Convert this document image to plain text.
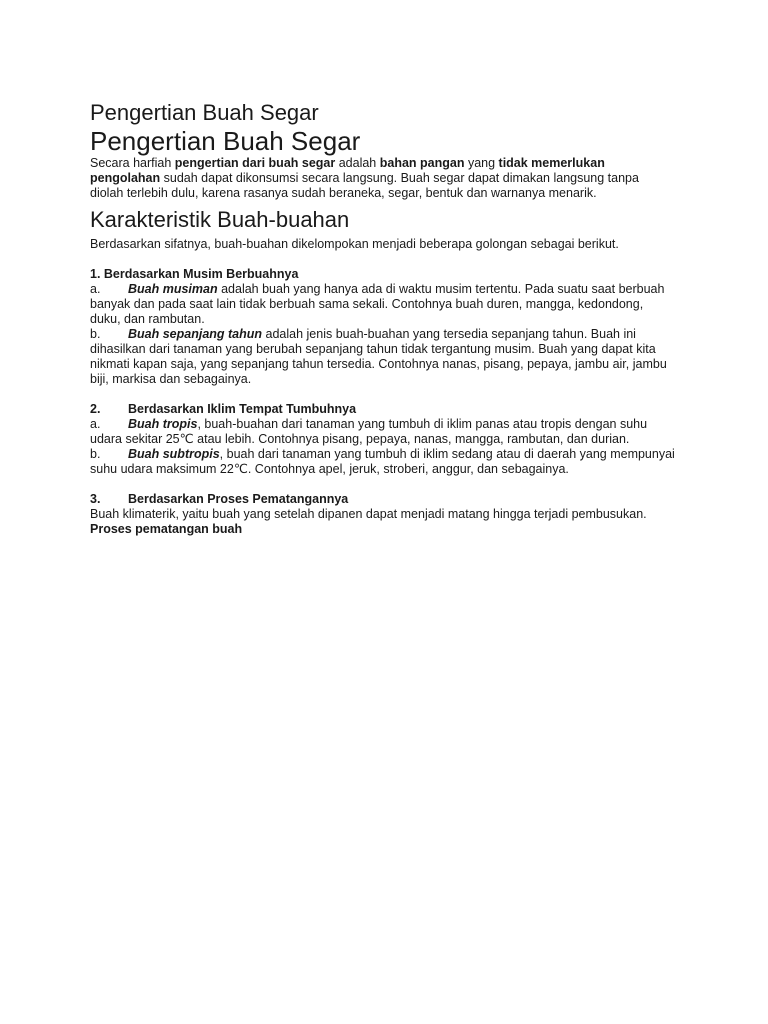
Pengertian Buah Segar
Pengertian Buah Segar

Secara harfiah pengertian dari buah segar adalah bahan pangan yang tidak memerlukan

pengolahan sudah dapat dikonsumsi secara langsung. Buah segar dapat dimakan langsung tanpa

diolah terlebih dulu, karena rasanya sudah beraneka, segar, bentuk dan warnanya menarik.

Karakteristik Buah-buahan

Berdasarkan sifatnya, buah-buahan dikelompokan menjadi beberapa golongan sebagai berikut.

1. Berdasarkan Musim Berbuahnya

a. Buah musiman adalah buah yang hanya ada di waktu musim tertentu. Pada suatu saat berbuah

banyak dan pada saat lain tidak berbuah sama sekali. Contohnya buah duren, mangga, kedondong,

duku, dan rambutan.

b. Buah sepanjang tahun adalah jenis buah-buahan yang tersedia sepanjang tahun. Buah ini

dihasilkan dari tanaman yang berubah sepanjang tahun tidak tergantung musim. Buah yang dapat kita

nikmati kapan saja, yang sepanjang tahun tersedia. Contohnya nanas, pisang, pepaya, jambu air, jambu

biji, markisa dan sebagainya.

2. Berdasarkan Iklim Tempat Tumbuhnya

a. Buah tropis, buah-buahan dari tanaman yang tumbuh di iklim panas atau tropis dengan suhu

udara sekitar 25℃ atau lebih. Contohnya pisang, pepaya, nanas, mangga, rambutan, dan durian.

b. Buah subtropis, buah dari tanaman yang tumbuh di iklim sedang atau di daerah yang mempunyai

suhu udara maksimum 22℃. Contohnya apel, jeruk, stroberi, anggur, dan sebagainya.

3. Berdasarkan Proses Pematangannya

Buah klimaterik, yaitu buah yang setelah dipanen dapat menjadi matang hingga terjadi pembusukan.

Proses pematangan buah
